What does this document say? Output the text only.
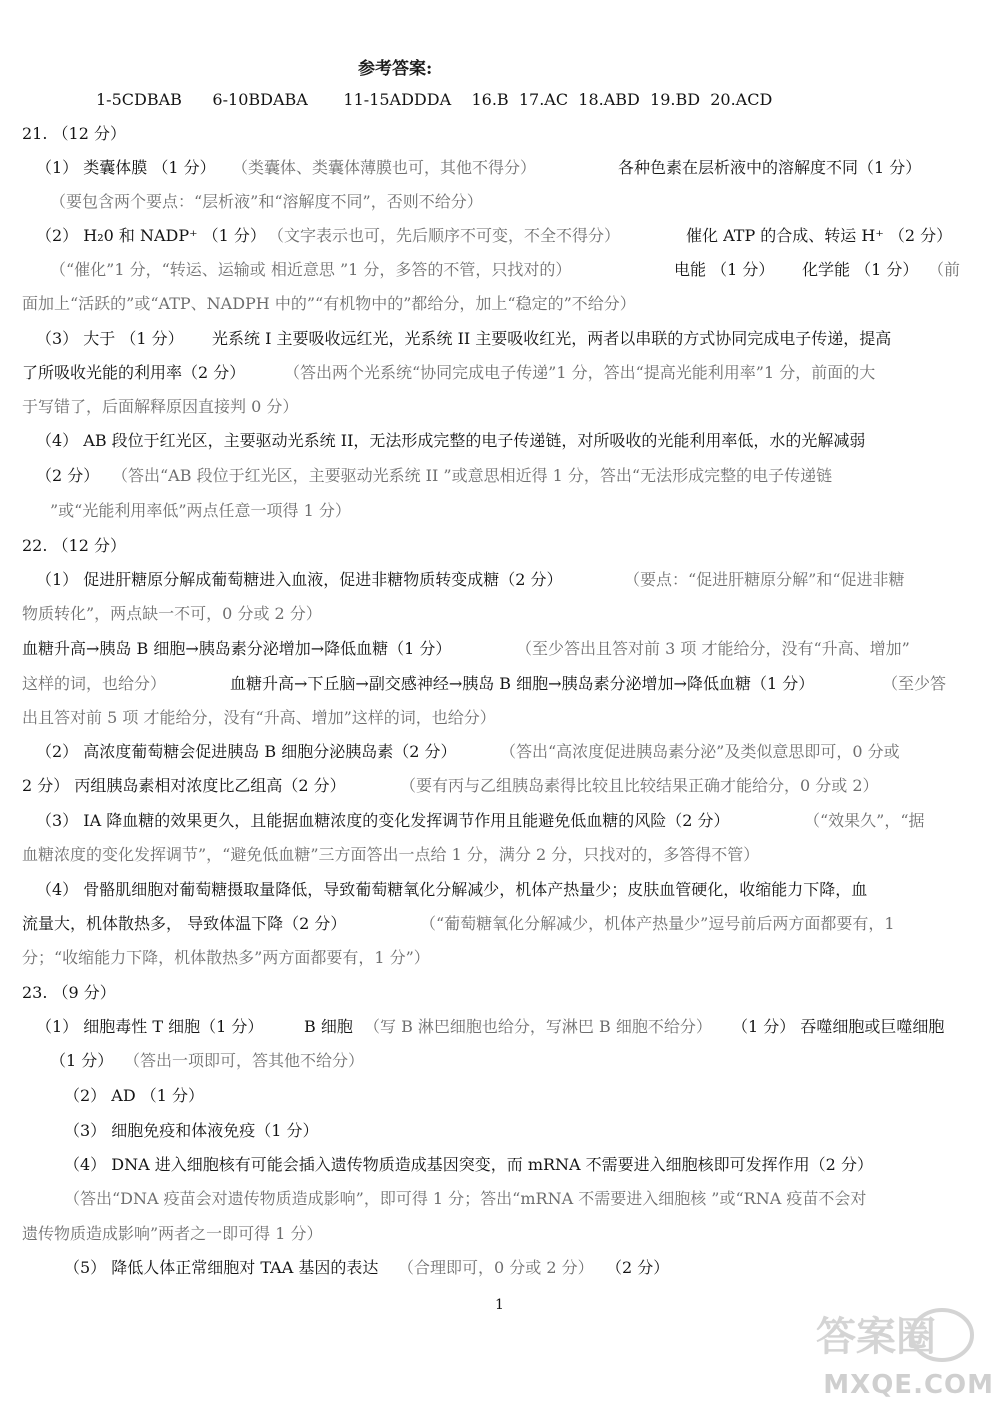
参考答案:
1-5CDBAB      6-10BDABA       11-15ADDDA    16.B  17.AC  18.ABD  19.BD  20.ACD
21. （12 分）
（1） 类囊体膜 （1 分） （类囊体、类囊体薄膜也可，其他不得分）	各种色素在层析液中的溶解度不同（1 分）
（要包含两个要点：“层析液”和“溶解度不同”，否则不给分）
（2） H₂0 和 NADP⁺ （1 分） （文字表示也可，先后顺序不可变，不全不得分）	催化 ATP 的合成、转运 H⁺ （2 分）
（“催化”1 分，“转运、运输或 相近意思 ”1 分，多答的不管，只找对的）	电能 （1 分） 化学能 （1 分） （前
面加上“活跃的”或“ATP、NADPH 中的”“有机物中的”都给分，加上“稳定的”不给分）
（3） 大于 （1 分） 光系统 I 主要吸收远红光，光系统 II 主要吸收红光，两者以串联的方式协同完成电子传递，提高
了所吸收光能的利用率（2 分） （答出两个光系统“协同完成电子传递”1 分，答出“提高光能利用率”1 分，前面的大
于写错了，后面解释原因直接判 0 分）
（4） AB 段位于红光区，主要驱动光系统 II，无法形成完整的电子传递链，对所吸收的光能利用率低，水的光解减弱
（2 分） （答出“AB 段位于红光区，主要驱动光系统 II ”或意思相近得 1 分，答出“无法形成完整的电子传递链
”或“光能利用率低”两点任意一项得 1 分）
22. （12 分）
（1） 促进肝糖原分解成葡萄糖进入血液，促进非糖物质转变成糖（2 分）	（要点：“促进肝糖原分解”和“促进非糖
物质转化”，两点缺一不可，0 分或 2 分）
血糖升高→胰岛 B 细胞→胰岛素分泌增加→降低血糖（1 分）	（至少答出且答对前 3 项 才能给分，没有“升高、增加”
这样的词，也给分）	血糖升高→下丘脑→副交感神经→胰岛 B 细胞→胰岛素分泌增加→降低血糖（1 分）	（至少答
出且答对前 5 项 才能给分，没有“升高、增加”这样的词，也给分）
（2） 高浓度葡萄糖会促进胰岛 B 细胞分泌胰岛素（2 分）	（答出“高浓度促进胰岛素分泌”及类似意思即可，0 分或
2 分） 丙组胰岛素相对浓度比乙组高（2 分）	（要有丙与乙组胰岛素得比较且比较结果正确才能给分，0 分或 2）
（3） IA 降血糖的效果更久，且能据血糖浓度的变化发挥调节作用且能避免低血糖的风险（2 分）	（“效果久”，“据
血糖浓度的变化发挥调节”，“避免低血糖”三方面答出一点给 1 分，满分 2 分，只找对的，多答得不管）
（4） 骨骼肌细胞对葡萄糖摄取量降低，导致葡萄糖氧化分解减少，机体产热量少；皮肤血管硬化，收缩能力下降，血
流量大，机体散热多， 导致体温下降（2 分）	（“葡萄糖氧化分解减少，机体产热量少”逗号前后两方面都要有，1
分；“收缩能力下降，机体散热多”两方面都要有，1 分”）
23. （9 分）
（1） 细胞毒性 T 细胞（1 分）	B 细胞 （写 B 淋巴细胞也给分，写淋巴 B 细胞不给分） （1 分） 吞噬细胞或巨噬细胞
（1 分） （答出一项即可，答其他不给分）
（2） AD （1 分）
（3） 细胞免疫和体液免疫（1 分）
（4） DNA 进入细胞核有可能会插入遗传物质造成基因突变，而 mRNA 不需要进入细胞核即可发挥作用（2 分）
（答出“DNA 疫苗会对遗传物质造成影响”，即可得 1 分；答出“mRNA 不需要进入细胞核 ”或“RNA 疫苗不会对
遗传物质造成影响”两者之一即可得 1 分）
（5） 降低人体正常细胞对 TAA 基因的表达 （合理即可，0 分或 2 分） （2 分）
1
答案圈
MXQE.COM
